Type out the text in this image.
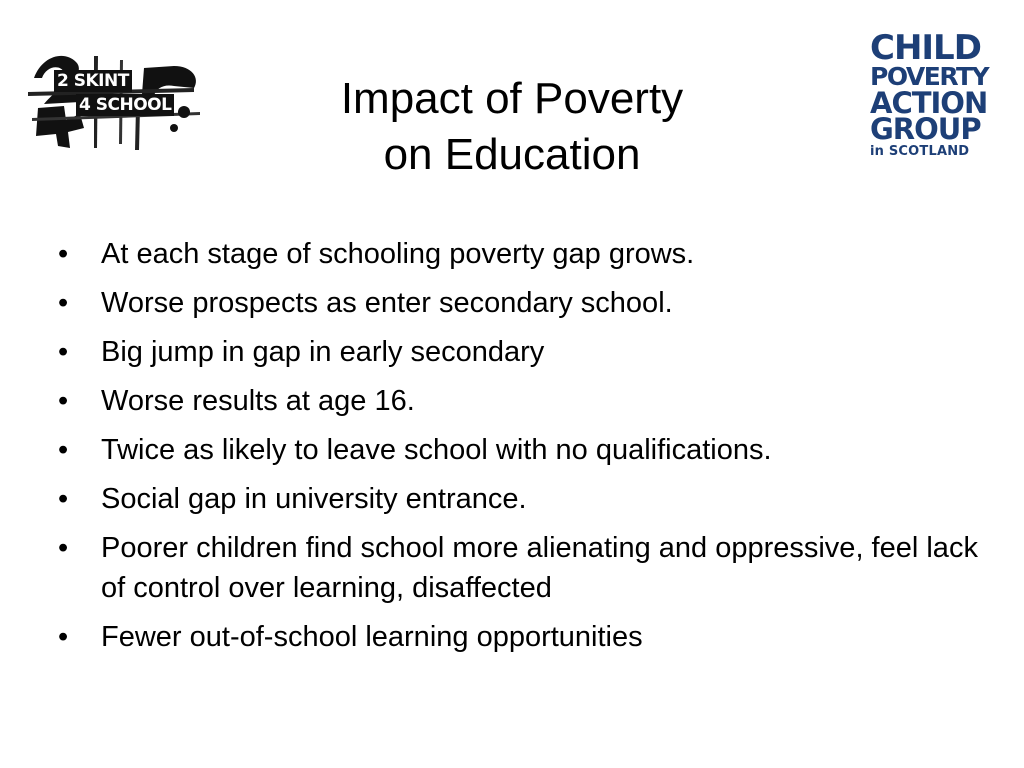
2 SKINT
4 SCHOOL	Impact of Poverty
on Education
CHILD
POVERTY
ACTION
GROUP
in SCOTLAND
•	At each stage of schooling poverty gap grows.
•	Worse prospects as enter secondary school.
•	Big jump in gap in early secondary
•	Worse results at age 16.
•	Twice as likely to leave school with no qualifications.
•	Social gap in university entrance.
•	Poorer children find school more alienating and oppressive, feel lack of control over learning, disaffected
•	Fewer out-of-school learning opportunities
